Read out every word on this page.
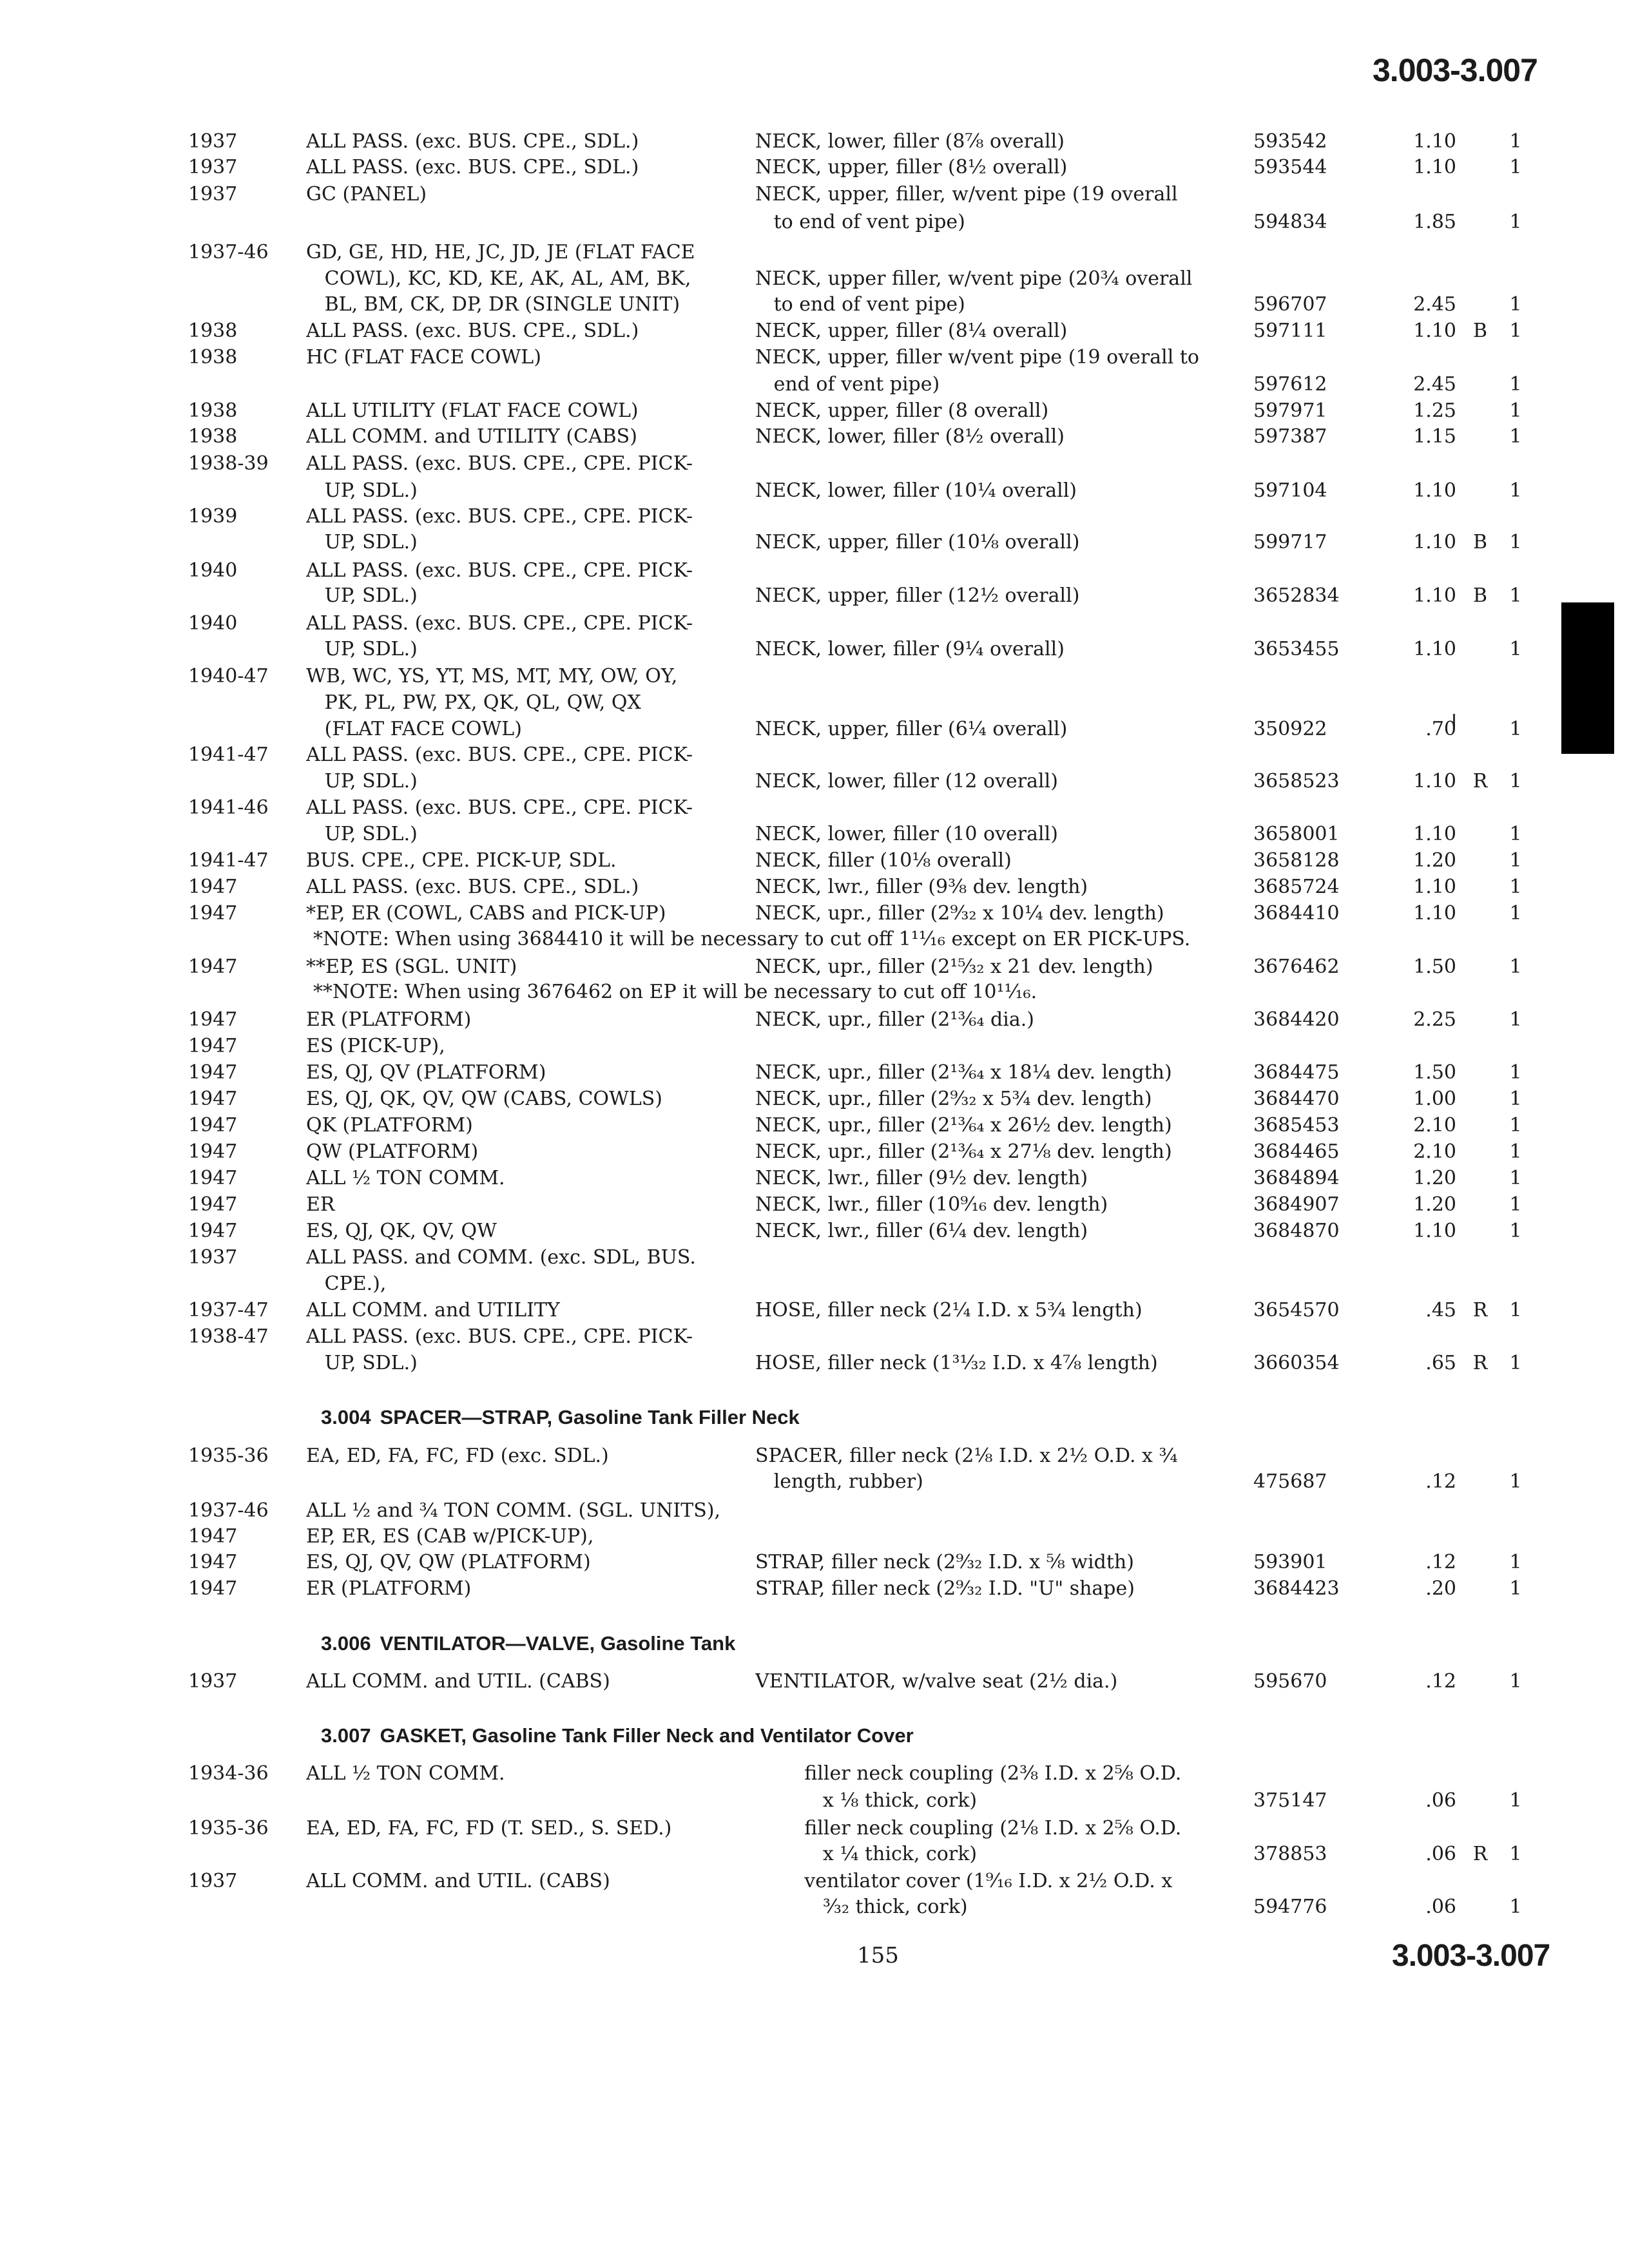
3.003-3.007
1937	ALL PASS. (exc. BUS. CPE., SDL.)	NECK, lower, filler (8⅞ overall)	593542	1.10	1
1937	ALL PASS. (exc. BUS. CPE., SDL.)	NECK, upper, filler (8½ overall)	593544	1.10	1
1937	GC (PANEL)	NECK, upper, filler, w/vent pipe (19 overall
to end of vent pipe)	594834	1.85	1
1937-46	GD, GE, HD, HE, JC, JD, JE (FLAT FACE
COWL), KC, KD, KE, AK, AL, AM, BK,	NECK, upper filler, w/vent pipe (20¾ overall
BL, BM, CK, DP, DR (SINGLE UNIT)	to end of vent pipe)	596707	2.45	1
1938	ALL PASS. (exc. BUS. CPE., SDL.)	NECK, upper, filler (8¼ overall)	597111	1.10 B	1
1938	HC (FLAT FACE COWL)	NECK, upper, filler w/vent pipe (19 overall to
end of vent pipe)	597612	2.45	1
1938	ALL UTILITY (FLAT FACE COWL)	NECK, upper, filler (8 overall)	597971	1.25	1
1938	ALL COMM. and UTILITY (CABS)	NECK, lower, filler (8½ overall)	597387	1.15	1
1938-39	ALL PASS. (exc. BUS. CPE., CPE. PICK-
UP, SDL.)	NECK, lower, filler (10¼ overall)	597104	1.10	1
1939	ALL PASS. (exc. BUS. CPE., CPE. PICK-
UP, SDL.)	NECK, upper, filler (10⅛ overall)	599717	1.10 B	1
1940	ALL PASS. (exc. BUS. CPE., CPE. PICK-
UP, SDL.)	NECK, upper, filler (12½ overall)	3652834	1.10 B	1
1940	ALL PASS. (exc. BUS. CPE., CPE. PICK-
UP, SDL.)	NECK, lower, filler (9¼ overall)	3653455	1.10	1
1940-47	WB, WC, YS, YT, MS, MT, MY, OW, OY,
PK, PL, PW, PX, QK, QL, QW, QX
(FLAT FACE COWL)	NECK, upper, filler (6¼ overall)	350922	.70	1
1941-47	ALL PASS. (exc. BUS. CPE., CPE. PICK-
UP, SDL.)	NECK, lower, filler (12 overall)	3658523	1.10 R	1
1941-46	ALL PASS. (exc. BUS. CPE., CPE. PICK-
UP, SDL.)	NECK, lower, filler (10 overall)	3658001	1.10	1
1941-47	BUS. CPE., CPE. PICK-UP, SDL.	NECK, filler (10⅛ overall)	3658128	1.20	1
1947	ALL PASS. (exc. BUS. CPE., SDL.)	NECK, lwr., filler (9⅜ dev. length)	3685724	1.10	1
1947	*EP, ER (COWL, CABS and PICK-UP)	NECK, upr., filler (2⁹⁄₃₂ x 10¼ dev. length)	3684410	1.10	1
1947	**EP, ES (SGL. UNIT)	NECK, upr., filler (2¹⁵⁄₃₂ x 21 dev. length)	3676462	1.50	1
1947	ER (PLATFORM)	NECK, upr., filler (2¹³⁄₆₄ dia.)	3684420	2.25	1
1947	ES (PICK-UP),
1947	ES, QJ, QV (PLATFORM)	NECK, upr., filler (2¹³⁄₆₄ x 18¼ dev. length)	3684475	1.50	1
1947	ES, QJ, QK, QV, QW (CABS, COWLS)	NECK, upr., filler (2⁹⁄₃₂ x 5¾ dev. length)	3684470	1.00	1
1947	QK (PLATFORM)	NECK, upr., filler (2¹³⁄₆₄ x 26½ dev. length)	3685453	2.10	1
1947	QW (PLATFORM)	NECK, upr., filler (2¹³⁄₆₄ x 27⅛ dev. length)	3684465	2.10	1
1947	ALL ½ TON COMM.	NECK, lwr., filler (9½ dev. length)	3684894	1.20	1
1947	ER	NECK, lwr., filler (10⁹⁄₁₆ dev. length)	3684907	1.20	1
1947	ES, QJ, QK, QV, QW	NECK, lwr., filler (6¼ dev. length)	3684870	1.10	1
1937	ALL PASS. and COMM. (exc. SDL, BUS.
CPE.),
1937-47	ALL COMM. and UTILITY	HOSE, filler neck (2¼ I.D. x 5¾ length)	3654570	.45 R	1
1938-47	ALL PASS. (exc. BUS. CPE., CPE. PICK-
UP, SDL.)	HOSE, filler neck (1³¹⁄₃₂ I.D. x 4⅞ length)	3660354	.65 R	1
1935-36	EA, ED, FA, FC, FD (exc. SDL.)	SPACER, filler neck (2⅛ I.D. x 2½ O.D. x ¾
length, rubber)	475687	.12	1
1937-46	ALL ½ and ¾ TON COMM. (SGL. UNITS),
1947	EP, ER, ES (CAB w/PICK-UP),
1947	ES, QJ, QV, QW (PLATFORM)	STRAP, filler neck (2⁹⁄₃₂ I.D. x ⅝ width)	593901	.12	1
1947	ER (PLATFORM)	STRAP, filler neck (2⁹⁄₃₂ I.D. "U" shape)	3684423	.20	1
1937	ALL COMM. and UTIL. (CABS)	VENTILATOR, w/valve seat (2½ dia.)	595670	.12	1
1934-36	ALL ½ TON COMM.	filler neck coupling (2⅜ I.D. x 2⅝ O.D.
x ⅛ thick, cork)	375147	.06	1
1935-36	EA, ED, FA, FC, FD (T. SED., S. SED.)	filler neck coupling (2⅛ I.D. x 2⅝ O.D.
x ¼ thick, cork)	378853	.06 R	1
1937	ALL COMM. and UTIL. (CABS)	ventilator cover (1⁹⁄₁₆ I.D. x 2½ O.D. x
³⁄₃₂ thick, cork)	594776	.06	1
*NOTE: When using 3684410 it will be necessary to cut off 1¹¹⁄₁₆ except on ER PICK-UPS.
**NOTE: When using 3676462 on EP it will be necessary to cut off 10¹¹⁄₁₆.
3.004 SPACER—STRAP, Gasoline Tank Filler Neck
3.006 VENTILATOR—VALVE, Gasoline Tank
3.007 GASKET, Gasoline Tank Filler Neck and Ventilator Cover
155	3.003-3.007
